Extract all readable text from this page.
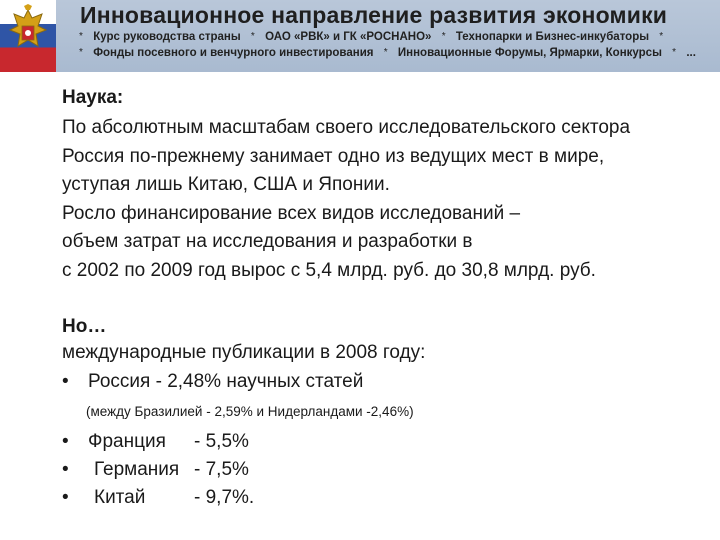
Инновационное направление развития экономики
* Курс руководства страны * ОАО «РВК» и ГК «РОСНАНО» * Технопарки и Бизнес-инкубаторы *
* Фонды посевного и венчурного инвестирования * Инновационные Форумы, Ярмарки, Конкурсы * ...

Наука:

По абсолютным масштабам своего исследовательского сектора

Россия по-прежнему занимает одно из ведущих мест в мире,

уступая лишь Китаю, США и Японии.

Росло финансирование всех видов исследований –

объем затрат на исследования и разработки в

с 2002 по 2009 год вырос с 5,4 млрд. руб. до 30,8 млрд. руб.

Но…

международные публикации в 2008 году:

• Россия - 2,48% научных статей

(между Бразилией - 2,59% и Нидерландами -2,46%)

• Франция - 5,5%
• Германия - 7,5%
• Китай	- 9,7%.
